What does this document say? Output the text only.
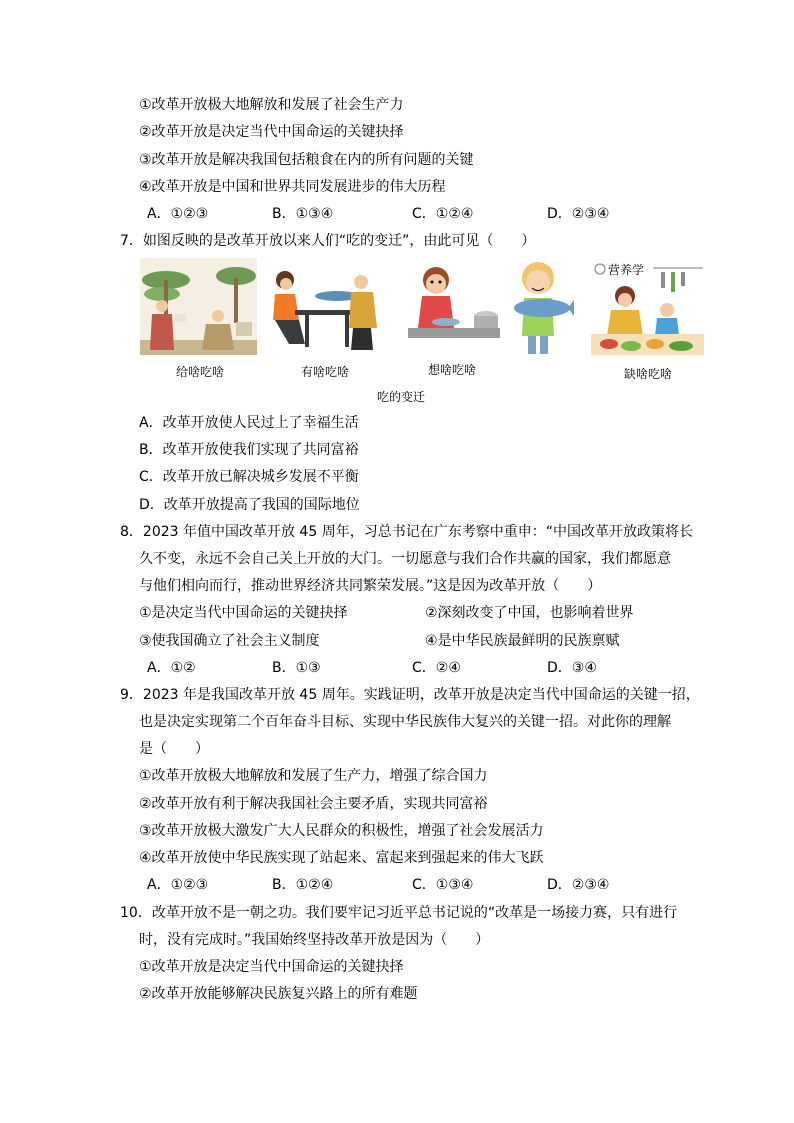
①改革开放极大地解放和发展了社会生产力
②改革开放是决定当代中国命运的关键抉择
③改革开放是解决我国包括粮食在内的所有问题的关键
④改革开放是中国和世界共同发展进步的伟大历程
A．①②③	B．①③④	C．①②④	D．②③④
7．如图反映的是改革开放以来人们“吃的变迁”，由此可见（　　）
给啥吃啥	有啥吃啥	想啥吃啥
营养学
缺啥吃啥
吃的变迁
A．改革开放使人民过上了幸福生活
B．改革开放使我们实现了共同富裕
C．改革开放已解决城乡发展不平衡
D．改革开放提高了我国的国际地位
8．2023 年值中国改革开放 45 周年，习总书记在广东考察中重申：“中国改革开放政策将长
久不变，永远不会自己关上开放的大门。一切愿意与我们合作共赢的国家，我们都愿意
与他们相向而行，推动世界经济共同繁荣发展。”这是因为改革开放（　　）
①是决定当代中国命运的关键抉择	②深刻改变了中国，也影响着世界
③使我国确立了社会主义制度	④是中华民族最鲜明的民族禀赋
A．①②	B．①③	C．②④	D．③④
9．2023 年是我国改革开放 45 周年。实践证明，改革开放是决定当代中国命运的关键一招，
也是决定实现第二个百年奋斗目标、实现中华民族伟大复兴的关键一招。对此你的理解
是（　　）
①改革开放极大地解放和发展了生产力，增强了综合国力
②改革开放有利于解决我国社会主要矛盾，实现共同富裕
③改革开放极大激发广大人民群众的积极性，增强了社会发展活力
④改革开放使中华民族实现了站起来、富起来到强起来的伟大飞跃
A．①②③	B．①②④	C．①③④	D．②③④
10．改革开放不是一朝之功。我们要牢记习近平总书记说的“改革是一场接力赛，只有进行
时，没有完成时。”我国始终坚持改革开放是因为（　　）
①改革开放是决定当代中国命运的关键抉择
②改革开放能够解决民族复兴路上的所有难题
